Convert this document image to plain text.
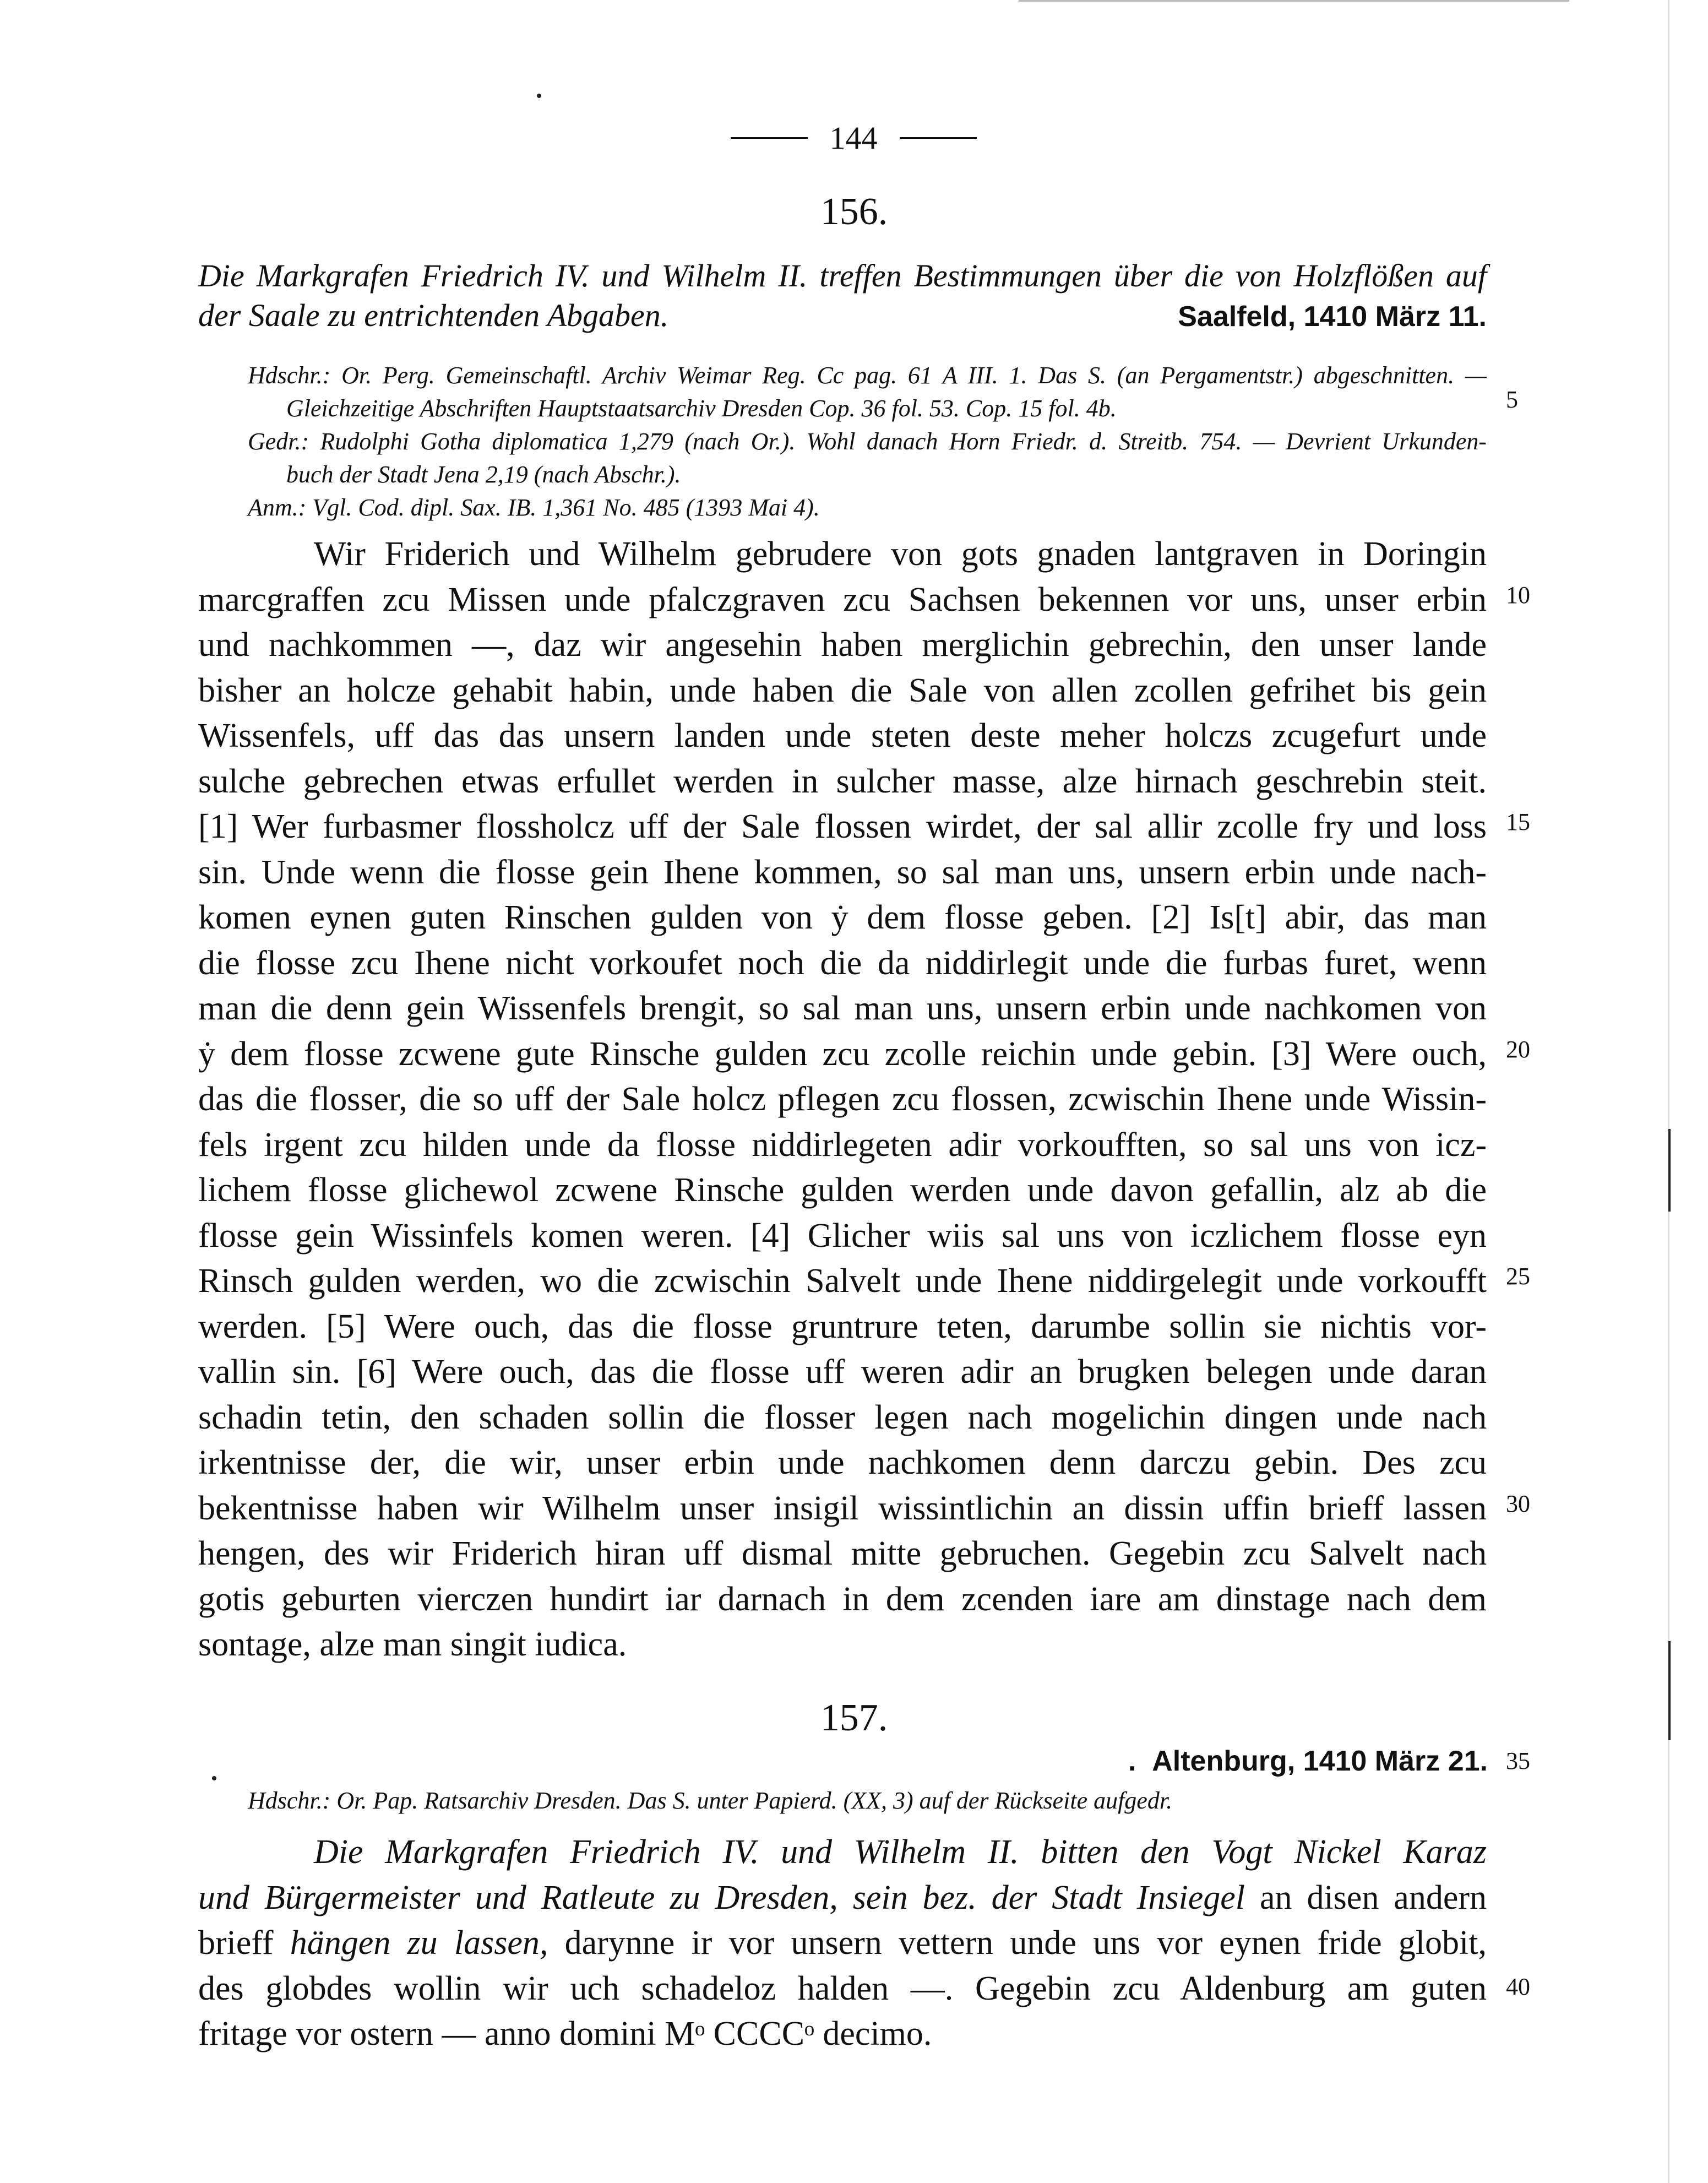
144
156.
Die Markgrafen Friedrich IV. und Wilhelm II. treffen Bestimmungen über die von Holzflößen auf
der Saale zu entrichtenden Abgaben.	Saalfeld, 1410 März 11.

Hdschr.: Or. Perg. Gemeinschaftl. Archiv Weimar Reg. Cc pag. 61 A III. 1. Das S. (an Pergamentstr.) abgeschnitten. —

Gleichzeitige Abschriften Hauptstaatsarchiv Dresden Cop. 36 fol. 53. Cop. 15 fol. 4b.

Gedr.: Rudolphi Gotha diplomatica 1,279 (nach Or.). Wohl danach Horn Friedr. d. Streitb. 754. — Devrient Urkunden-

buch der Stadt Jena 2,19 (nach Abschr.).

Anm.: Vgl. Cod. dipl. Sax. IB. 1,361 No. 485 (1393 Mai 4).

Wir Friderich und Wilhelm gebrudere von gots gnaden lantgraven in Doringin
marcgraffen zcu Missen unde pfalczgraven zcu Sachsen bekennen vor uns, unser erbin
und nachkommen —, daz wir angesehin haben merglichin gebrechin, den unser lande
bisher an holcze gehabit habin, unde haben die Sale von allen zcollen gefrihet bis gein
Wissenfels, uff das das unsern landen unde steten deste meher holczs zcugefurt unde
sulche gebrechen etwas erfullet werden in sulcher masse, alze hirnach geschrebin steit.
[1] Wer furbasmer flossholcz uff der Sale flossen wirdet, der sal allir zcolle fry und loss
sin. Unde wenn die flosse gein Ihene kommen, so sal man uns, unsern erbin unde nach-
komen eynen guten Rinschen gulden von ẏ dem flosse geben. [2] Is[t] abir, das man
die flosse zcu Ihene nicht vorkoufet noch die da niddirlegit unde die furbas furet, wenn
man die denn gein Wissenfels brengit, so sal man uns, unsern erbin unde nachkomen von
ẏ dem flosse zcwene gute Rinsche gulden zcu zcolle reichin unde gebin. [3] Were ouch,
das die flosser, die so uff der Sale holcz pflegen zcu flossen, zcwischin Ihene unde Wissin-
fels irgent zcu hilden unde da flosse niddirlegeten adir vorkoufften, so sal uns von icz-
lichem flosse glichewol zcwene Rinsche gulden werden unde davon gefallin, alz ab die
flosse gein Wissinfels komen weren. [4] Glicher wiis sal uns von iczlichem flosse eyn
Rinsch gulden werden, wo die zcwischin Salvelt unde Ihene niddirgelegit unde vorkoufft
werden. [5] Were ouch, das die flosse gruntrure teten, darumbe sollin sie nichtis vor-
vallin sin. [6] Were ouch, das die flosse uff weren adir an brugken belegen unde daran
schadin tetin, den schaden sollin die flosser legen nach mogelichin dingen unde nach
irkentnisse der, die wir, unser erbin unde nachkomen denn darczu gebin. Des zcu
bekentnisse haben wir Wilhelm unser insigil wissintlichin an dissin uffin brieff lassen
hengen, des wir Friderich hiran uff dismal mitte gebruchen. Gegebin zcu Salvelt nach
gotis geburten vierczen hundirt iar darnach in dem zcenden iare am dinstage nach dem
sontage, alze man singit iudica.
157.
. Altenburg, 1410 März 21.

Hdschr.: Or. Pap. Ratsarchiv Dresden. Das S. unter Papierd. (XX, 3) auf der Rückseite aufgedr.

Die Markgrafen Friedrich IV. und Wilhelm II. bitten den Vogt Nickel Karaz
und Bürgermeister und Ratleute zu Dresden, sein bez. der Stadt Insiegel an disen andern
brieff hängen zu lassen, darynne ir vor unsern vettern unde uns vor eynen fride globit,
des globdes wollin wir uch schadeloz halden —. Gegebin zcu Aldenburg am guten
fritage vor ostern — anno domini Mᵒ CCCCᵒ decimo.
5
10
15
20
25
30
35
40
